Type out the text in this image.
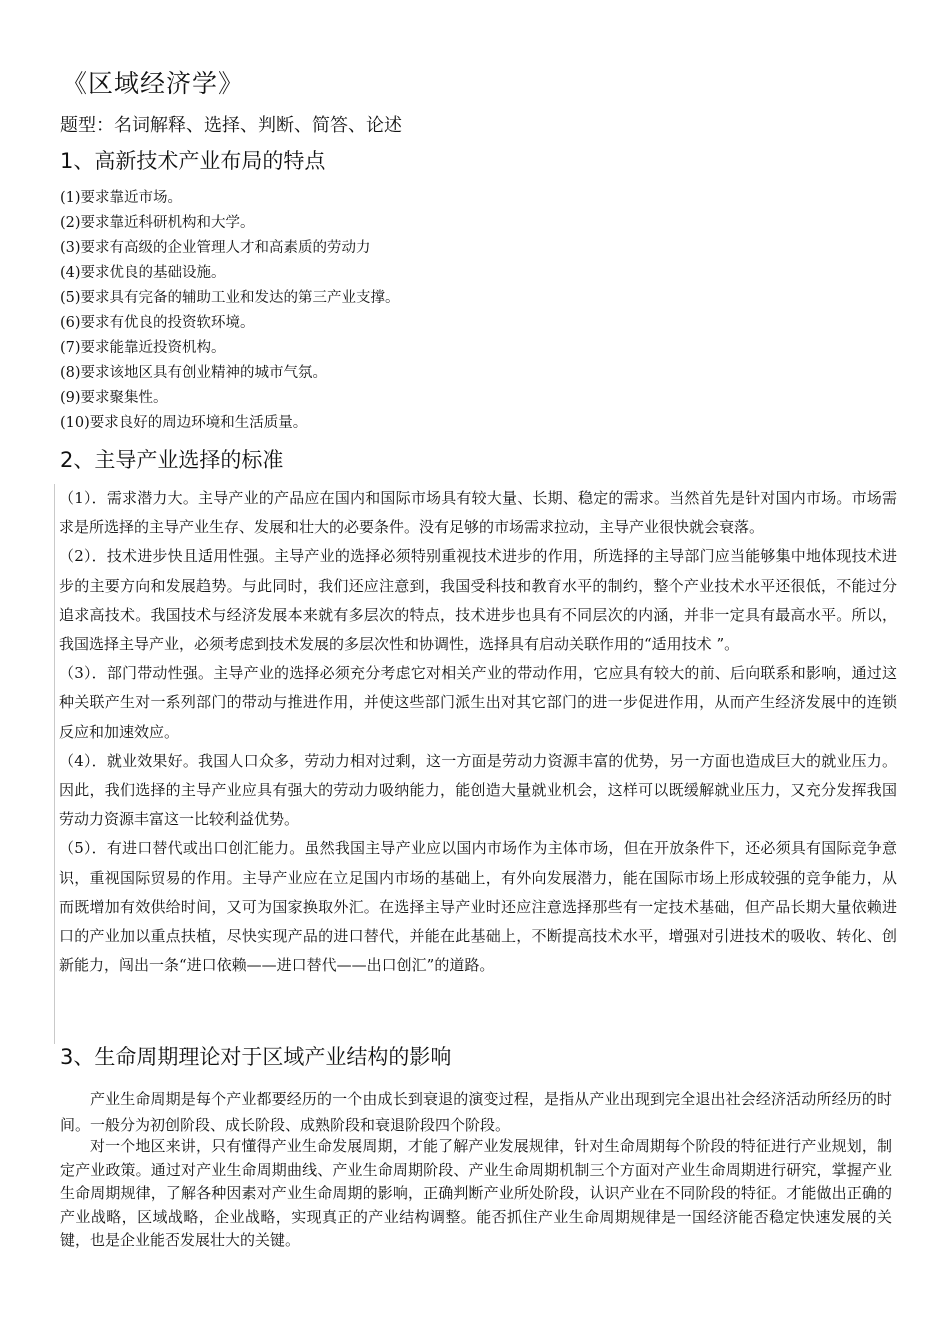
《区域经济学》
题型：名词解释、选择、判断、简答、论述
1、高新技术产业布局的特点
(1)要求靠近市场。
(2)要求靠近科研机构和大学。
(3)要求有高级的企业管理人才和高素质的劳动力
(4)要求优良的基础设施。
(5)要求具有完备的辅助工业和发达的第三产业支撑。
(6)要求有优良的投资软环境。
(7)要求能靠近投资机构。
(8)要求该地区具有创业精神的城市气氛。
(9)要求聚集性。
(10)要求良好的周边环境和生活质量。
2、主导产业选择的标准

（1）．需求潜力大。主导产业的产品应在国内和国际市场具有较大量、长期、稳定的需求。当然首先是针对国内市场。市场需求是所选择的主导产业生存、发展和壮大的必要条件。没有足够的市场需求拉动，主导产业很快就会衰落。

（2）．技术进步快且适用性强。主导产业的选择必须特别重视技术进步的作用，所选择的主导部门应当能够集中地体现技术进步的主要方向和发展趋势。与此同时，我们还应注意到，我国受科技和教育水平的制约，整个产业技术水平还很低，不能过分追求高技术。我国技术与经济发展本来就有多层次的特点，技术进步也具有不同层次的内涵，并非一定具有最高水平。所以，我国选择主导产业，必须考虑到技术发展的多层次性和协调性，选择具有启动关联作用的“适用技术 ”。

（3）．部门带动性强。主导产业的选择必须充分考虑它对相关产业的带动作用，它应具有较大的前、后向联系和影响，通过这种关联产生对一系列部门的带动与推进作用，并使这些部门派生出对其它部门的进一步促进作用，从而产生经济发展中的连锁反应和加速效应。

（4）．就业效果好。我国人口众多，劳动力相对过剩，这一方面是劳动力资源丰富的优势，另一方面也造成巨大的就业压力。因此，我们选择的主导产业应具有强大的劳动力吸纳能力，能创造大量就业机会，这样可以既缓解就业压力，又充分发挥我国劳动力资源丰富这一比较利益优势。

（5）．有进口替代或出口创汇能力。虽然我国主导产业应以国内市场作为主体市场，但在开放条件下，还必须具有国际竞争意识，重视国际贸易的作用。主导产业应在立足国内市场的基础上，有外向发展潜力，能在国际市场上形成较强的竞争能力，从而既增加有效供给时间，又可为国家换取外汇。在选择主导产业时还应注意选择那些有一定技术基础，但产品长期大量依赖进口的产业加以重点扶植，尽快实现产品的进口替代，并能在此基础上，不断提高技术水平，增强对引进技术的吸收、转化、创新能力，闯出一条“进口依赖——进口替代——出口创汇”的道路。

3、生命周期理论对于区域产业结构的影响
产业生命周期是每个产业都要经历的一个由成长到衰退的演变过程，是指从产业出现到完全退出社会经济活动所经历的时间。一般分为初创阶段、成长阶段、成熟阶段和衰退阶段四个阶段。
对一个地区来讲，只有懂得产业生命发展周期，才能了解产业发展规律，针对生命周期每个阶段的特征进行产业规划，制定产业政策。通过对产业生命周期曲线、产业生命周期阶段、产业生命周期机制三个方面对产业生命周期进行研究，掌握产业生命周期规律，了解各种因素对产业生命周期的影响，正确判断产业所处阶段，认识产业在不同阶段的特征。才能做出正确的产业战略，区域战略，企业战略，实现真正的产业结构调整。能否抓住产业生命周期规律是一国经济能否稳定快速发展的关键，也是企业能否发展壮大的关键。
